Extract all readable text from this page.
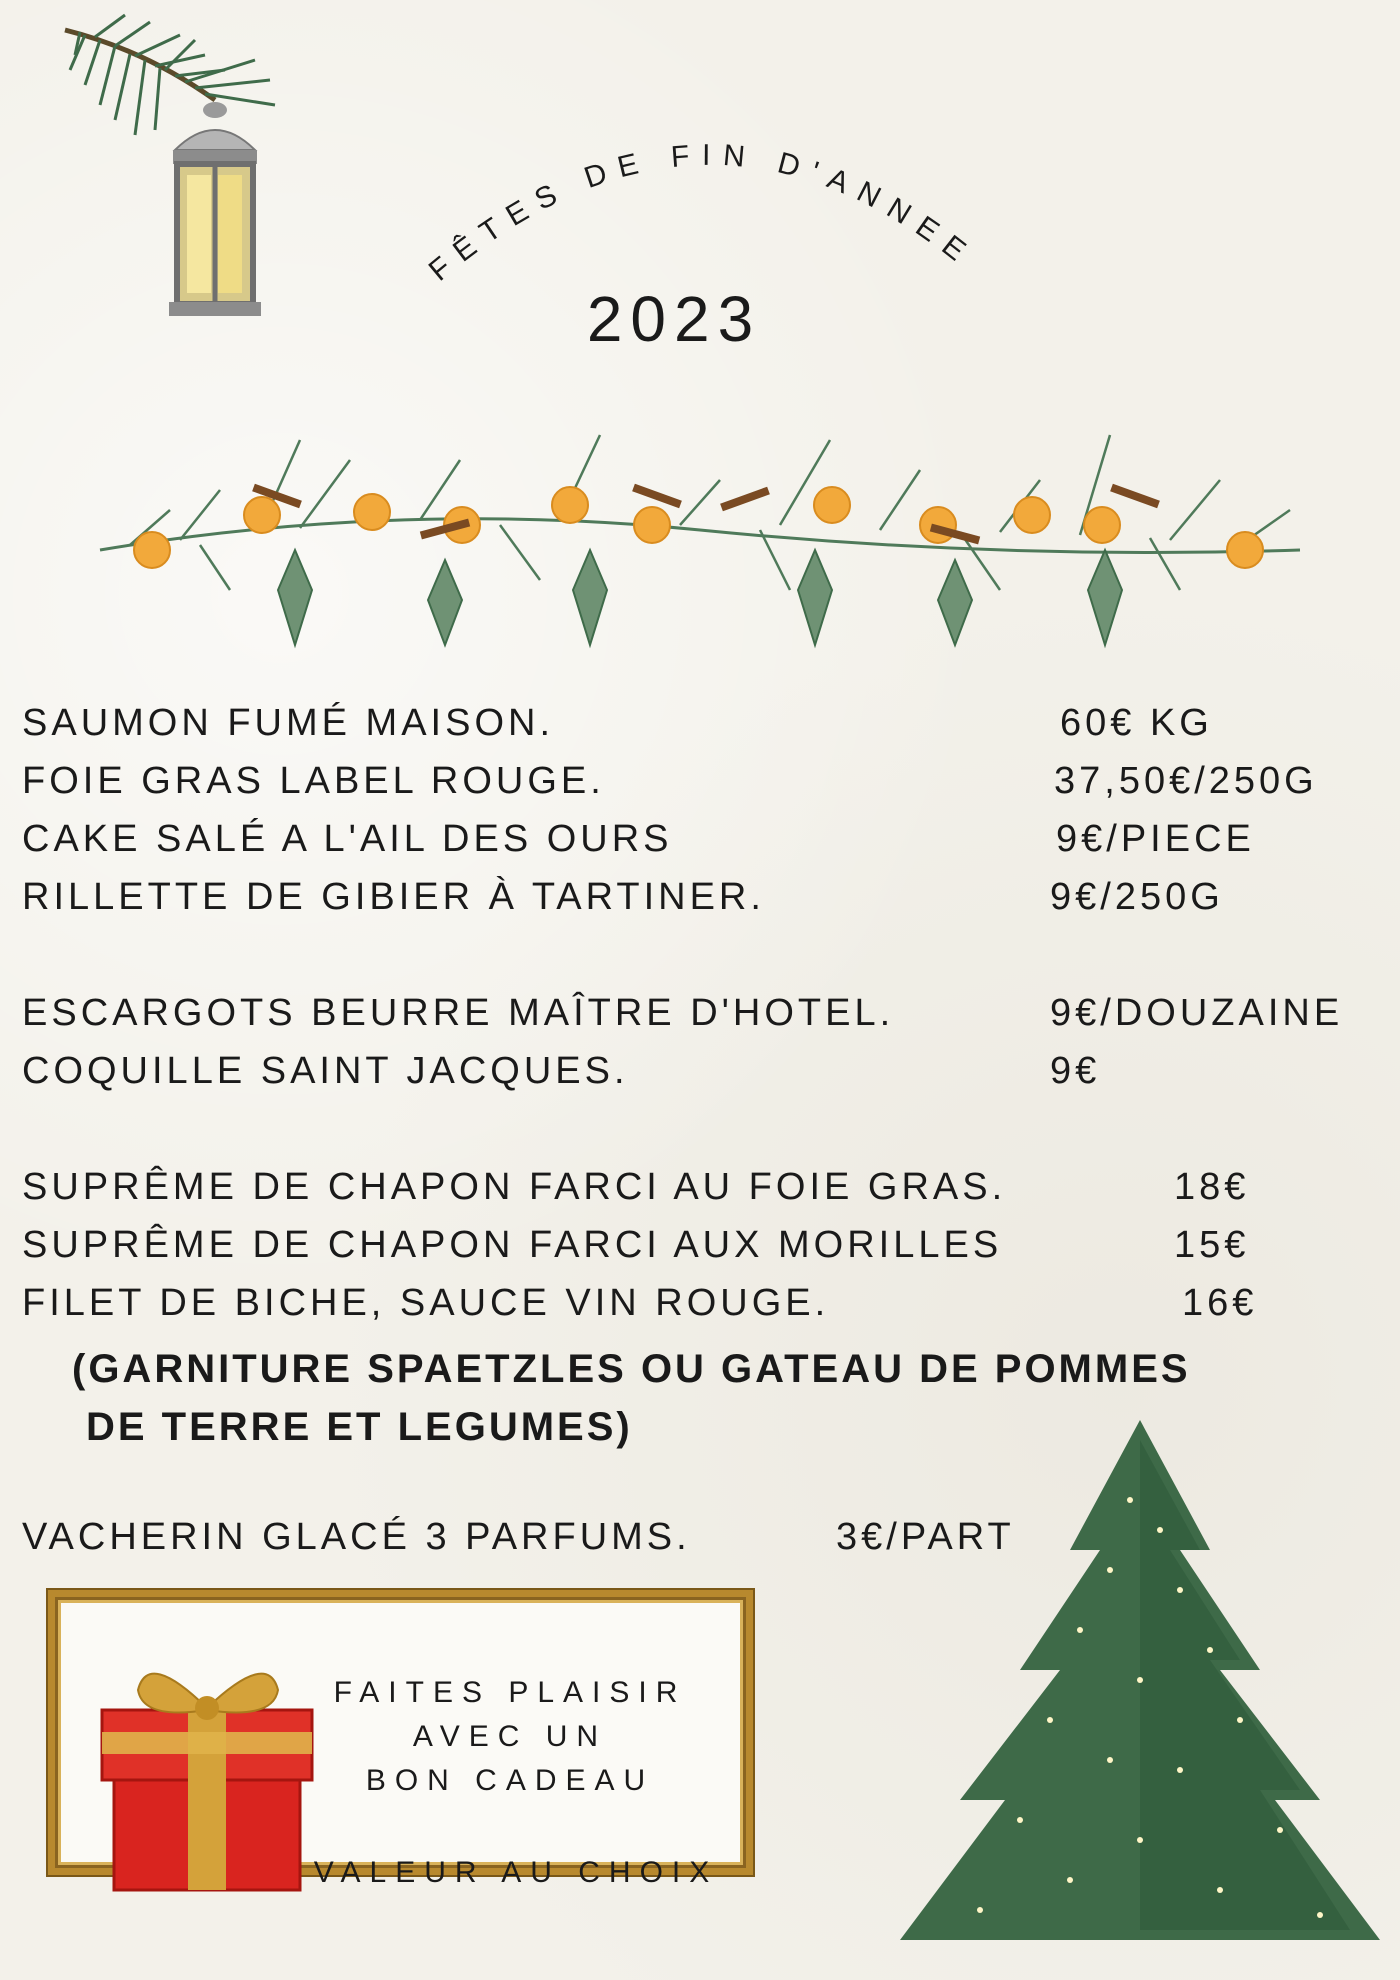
FÊTES DE FIN D'ANNEE
2023
SAUMON FUMÉ MAISON.	60€ KG
FOIE GRAS LABEL ROUGE.	37,50€/250G
CAKE SALÉ A L'AIL DES OURS	9€/PIECE
RILLETTE DE GIBIER À TARTINER.	9€/250G
ESCARGOTS BEURRE MAÎTRE D'HOTEL.	9€/DOUZAINE
COQUILLE SAINT JACQUES.	9€
SUPRÊME DE CHAPON FARCI AU FOIE GRAS.	18€
SUPRÊME DE CHAPON FARCI AUX MORILLES	15€
FILET DE BICHE, SAUCE VIN ROUGE.	16€
(GARNITURE SPAETZLES OU GATEAU DE POMMES
DE TERRE ET LEGUMES)
VACHERIN GLACÉ 3 PARFUMS.	3€/PART
FAITES PLAISIR
AVEC UN
BON CADEAU
VALEUR AU CHOIX
